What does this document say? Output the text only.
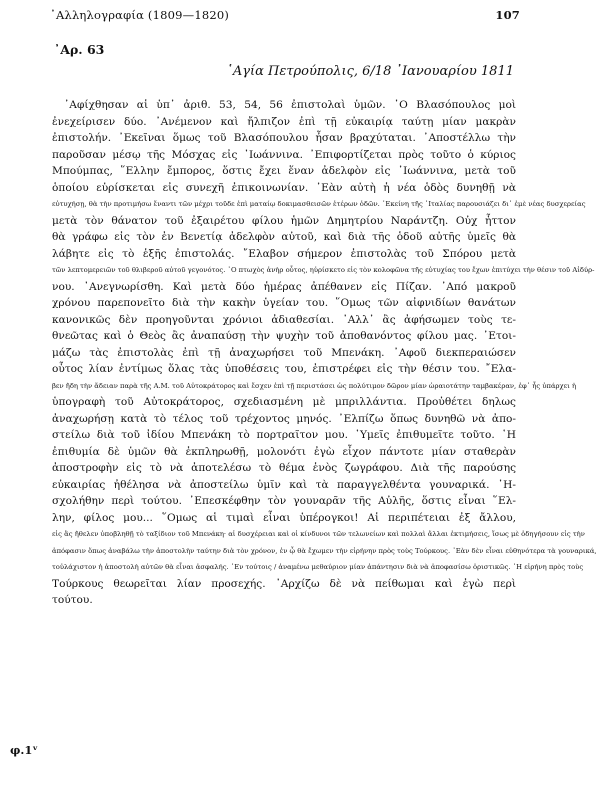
᾿Αλληλογραφία (1809—1820)	107
᾿Αρ. 63
῾Αγία Πετρούπολις, 6/18 ᾿Ιανουαρίου 1811
᾿Αφίχθησαν αἱ ὑπ᾿ ἀριθ. 53, 54, 56 ἐπιστολαὶ ὑμῶν. ῾Ο Βλασόπουλος μοὶ
ἐνεχείρισεν δύο. ᾿Ανέμενον καὶ ἤλπιζον ἐπὶ τῇ εὐκαιρίᾳ ταύτῃ μίαν μακρὰν
ἐπιστολήν. ᾿Εκεῖναι ὅμως τοῦ Βλασόπουλου ἦσαν βραχύταται. ᾿Αποστέλλω τὴν
παροῦσαν μέσῳ τῆς Μόσχας εἰς ᾿Ιωάννινα. ᾿Επιφορτίζεται πρὸς τοῦτο ὁ κύριος
Μπούμπας, ῞Ελλην ἔμπορος, ὅστις ἔχει ἕναν ἀδελφὸν εἰς ᾿Ιωάννινα, μετὰ τοῦ
ὁποίου εὑρίσκεται εἰς συνεχῆ ἐπικοινωνίαν. ᾿Εὰν αὐτὴ ἡ νέα ὁδὸς δυνηθῇ νὰ
εὐτυχήσῃ, θὰ τὴν προτιμήσω ἔναντι τῶν μέχρι τοῦδε ἐπὶ ματαίῳ δοκιμασθεισῶν ἑτέρων ὁδῶν. ᾿Εκείνη τῆς ᾿Ιταλίας παρουσιάζει δι᾿ ἐμὲ νέας δυσχερείας
μετὰ τὸν θάνατον τοῦ ἐξαιρέτου φίλου ἡμῶν Δημητρίου Ναράντζη. Οὐχ ἧττον
θὰ γράφω εἰς τὸν ἐν Βενετίᾳ ἀδελφὸν αὐτοῦ, καὶ διὰ τῆς ὁδοῦ αὐτῆς ὑμεῖς θὰ
λάβητε εἰς τὸ ἑξῆς ἐπιστολάς. ῎Ελαβον σήμερον ἐπιστολὰς τοῦ Σπόρου μετὰ
τῶν λεπτομερειῶν τοῦ θλιβεροῦ αὐτοῦ γεγονότος. ῾Ο πτωχὸς ἀνὴρ οὗτος, ηὑρίσκετο εἰς τὸν κολοφῶνα τῆς εὐτυχίας του ἔχων ἐπιτύχει τὴν θέσιν τοῦ Αἰδύρ-
νου. ᾿Ανεγνωρίσθη. Καὶ μετὰ δύο ἡμέρας ἀπέθανεν εἰς Πίζαν. ᾿Από μακροῦ
χρόνου παρεπονεῖτο διὰ τὴν κακὴν ὑγείαν του. ῞Ομως τῶν αἰφνιδίων θανάτων
κανονικῶς δὲν προηγοῦνται χρόνιοι ἀδιαθεσίαι. ᾿Αλλ᾿ ἂς ἀφήσωμεν τοὺς τε-
θνεῶτας καὶ ὁ Θεὸς ἂς ἀναπαύσῃ τὴν ψυχὴν τοῦ ἀποθανόντος φίλου μας. ᾿Ετοι-
μάζω τὰς ἐπιστολὰς ἐπὶ τῇ ἀναχωρήσει τοῦ Μπενάκη. ᾿Αφοῦ διεκπεραιώσεν
οὗτος λίαν ἐντίμως ὅλας τὰς ὑποθέσεις του, ἐπιστρέφει εἰς τὴν θέσιν του. ῎Ελα-
βεν ἤδη τὴν ἄδειαν παρὰ τῆς Α.Μ. τοῦ Αὐτοκράτορος καὶ ἔσχεν ἐπὶ τῇ περιστάσει ὡς πολύτιμον δῶρον μίαν ὡραιοτάτην ταμβακέραν, ἐφ᾿ ἧς ὑπάρχει ἡ
ὑπογραφὴ τοῦ Αὐτοκράτορος, σχεδιασμένη μὲ μπριλλάντια. Προὐθέτει δηλως
ἀναχωρήσῃ κατὰ τὸ τέλος τοῦ τρέχοντος μηνός. ᾿Ελπίζω ὅπως δυνηθῶ νὰ ἀπο-
στείλω διὰ τοῦ ἰδίου Μπενάκη τὸ πορτραῖτον μου. ῾Υμεῖς ἐπιθυμεῖτε τοῦτο. ῾Η
ἐπιθυμία δὲ ὑμῶν θὰ ἐκπληρωθῇ, μολονότι ἐγὼ εἶχον πάντοτε μίαν σταθερὰν
ἀποστροφὴν εἰς τὸ νὰ ἀποτελέσω τὸ θέμα ἑνὸς ζωγράφου. Διὰ τῆς παρούσης
εὐκαιρίας ἠθέλησα νὰ ἀποστείλω ὑμῖν καὶ τὰ παραγγελθέντα γουναρικά. ῾Η-
σχολήθην περὶ τούτου. ᾿Επεσκέφθην τὸν γουναρᾶν τῆς Αὐλῆς, ὅστις εἶναι ῞Ελ-
λην, φίλος μου... ῞Ομως αἱ τιμαὶ εἶναι ὑπέρογκοι! Αἱ περιπέτειαι ἐξ ἄλλου,
εἰς ἃς ἤθελεν ὑποβληθῇ τὸ ταξίδιον τοῦ Μπενάκη· αἱ δυσχέρειαι καὶ οἱ κίνδυνοι τῶν τελωνείων καὶ πολλαὶ ἄλλαι ἐκτιμήσεις, ἴσως μὲ ὁδηγήσουν εἰς τὴν
ἀπόφασιν ὅπως ἀναβάλω τὴν ἀποστολὴν ταύτην διὰ τὸν χρόνον, ἐν ᾧ θὰ ἔχωμεν τὴν εἰρήνην πρὸς τοὺς Τούρκους. ᾿Εὰν δὲν εἶναι εὐθηνότερα τὰ γουναρικά,
τοὐλάχιστον ἡ ἀποστολὴ αὐτῶν θὰ εἶναι ἀσφαλής. ᾿Εν τούτοις / ἀναμένω μεθαύριον μίαν ἀπάντησιν διὰ νὰ ἀποφασίσω ὁριστικῶς. ῾Η εἰρήνη πρὸς τοὺς
Τούρκους θεωρεῖται λίαν προσεχής. ᾿Αρχίζω δὲ νὰ πείθωμαι καὶ ἐγὼ περὶ
τούτου.
φ.1ᵛ
